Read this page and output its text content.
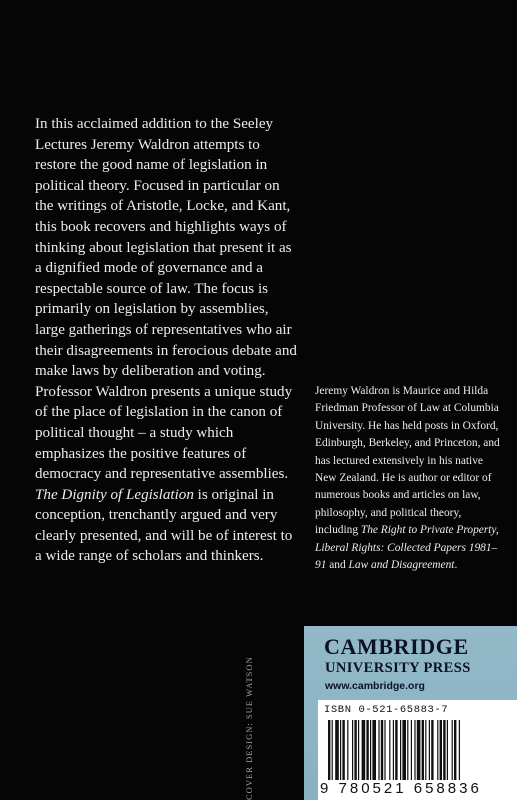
In this acclaimed addition to the Seeley Lectures Jeremy Waldron attempts to restore the good name of legislation in political theory. Focused in particular on the writings of Aristotle, Locke, and Kant, this book recovers and highlights ways of thinking about legislation that present it as a dignified mode of governance and a respectable source of law. The focus is primarily on legislation by assemblies, large gatherings of representatives who air their disagreements in ferocious debate and make laws by deliberation and voting. Professor Waldron presents a unique study of the place of legislation in the canon of political thought – a study which emphasizes the positive features of democracy and representative assemblies. The Dignity of Legislation is original in conception, trenchantly argued and very clearly presented, and will be of interest to a wide range of scholars and thinkers.

Jeremy Waldron is Maurice and Hilda Friedman Professor of Law at Columbia University. He has held posts in Oxford, Edinburgh, Berkeley, and Princeton, and has lectured extensively in his native New Zealand. He is author or editor of numerous books and articles on law, philosophy, and political theory, including The Right to Private Property, Liberal Rights: Collected Papers 1981–91 and Law and Disagreement.

COVER DESIGN: SUE WATSON
CAMBRIDGE
UNIVERSITY PRESS
www.cambridge.org
ISBN 0-521-65883-7
9 780521 658836
